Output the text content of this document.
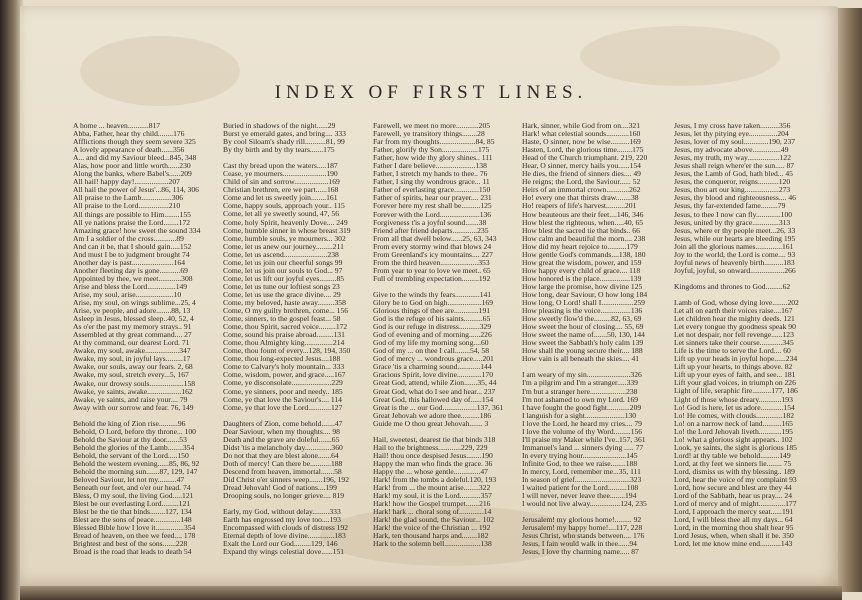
INDEX OF FIRST LINES.
A home ... heaven...........817
Abba, Father, hear thy child........176
Afflictions though they seem severe 325
A lovely appearance of death......356
A... and did my Saviour bleed...845, 348
Alas, how poor and little worth......230
Along the banks, where Babel's......209
All hail! happy day!..................207
All hail the power of Jesus'...86, 114, 306
All praise to the Lamb................306
All praise to the Lord................210
All things are possible to Him........155
All ye nations praise the Lord........172
Amazing grace! how sweet the sound 334
Am I a soldier of the cross............89
And can it be, that I should gain.....152
And must I be to judgment brought 74
Another day is past......................164
Another fleeting day is gone...........69
Appointed by thee, we meet............308
Arise and bless the Lord...............149
Arise, my soul, arise....................10
Arise, my soul, on wings sublime...25, 4
Arise, ye people, and adore........88, 13
Asleep in Jesus, blessed sleep..40, 52, 4
As o'er the past my memory strays.. 91
Assembled at thy great command.... 27
At thy command, our dearest Lord. 71
Awake, my soul, awake..................347
Awake, my soul, in joyful lays.........17
Awake, our souls, away our fears. 2, 68
Awake, my soul, stretch every...5, 167
Awake, our drowsy souls..................158
Awake, ye saints, awake..................162
Awake, ye saints, and raise your.... 79
Away with our sorrow and fear. 76, 149
Behold the king of Zion rise..........96
Behold, O Lord, before thy throne... 100
Behold the Saviour at thy door.......53
Behold the glories of the Lamb........354
Behold, the servant of the Lord.....150
Behold the western evening......85, 86, 92
Behold the morning sun.......87, 129, 147
Beloved Saviour, let not my..........47
Beneath our feet, and o'er our head. 74
Bless, O my soul, the living God.....121
Blest be our everlasting Lord.........121
Blest be the tie that binds........127, 134
Blest are the sons of peace..............148
Blessed Bible how I love it...............354
Bread of heaven, on thee we feed.... 178
Brightest and best of the sons.......228
Broad is the road that leads to death 54
Buried in shadows of the night......29
Burst ye emerald gates, and bring.... 333
By cool Siloam's shady rill...........81, 99
By thy birth and by thy tears.......175
Cast thy bread upon the waters.....187
Cease, ye mourners.......................190
Child of sin and sorrow..................169
Christian brethren, ere we part......168
Come and let us sweetly join........161
Come, happy souls, approach your.. 115
Come, let all ye sweetly sound, 47, 56
Come, holy Spirit, heavenly Dove.... 249
Come, humble sinner in whose breast 319
Come, humble souls, ye mourners... 302
Come, let us anew our journey.........211
Come, let us ascend.......................238
Come, let us join our cheerful songs 99
Come, let us join our souls to God... 97
Come, let us lift our joyful eyes.........85
Come, let us tune our loftiest songs 23
Come, let us use the grace divine.... 29
Come, my beloved, haste away.........358
Come, O my guilty brethren, come... 156
Come, sinners, to the gospel feast... 58
Come, thou Spirit, sacred voice.........172
Come, sound his praise abroad.........131
Come, thou Almighty king...............214
Come, thou fount of every...128, 194, 350
Come, thou long-expected Jesus....188
Come to Calvary's holy mountain... 333
Come, wisdom, power, and grace.....167
Come, ye disconsolate.....................229
Come, ye sinners, poor and needy.. 185
Come, ye that love the Saviour's.... 114
Come, ye that love the Lord............127
Daughters of Zion, come behold.......47
Dear Saviour, when my thoughts.... 98
Death and the grave are doleful.......65
Didst 'tis a melancholy day..............360
Do not that they are blest alone.......64
Doth of mercy! Can there be...........188
Descend from heaven, immortal.......58
Did Christ o'er sinners weep.......196, 192
Dread Jehovah! God of nations....199
Drooping souls, no longer grieve.... 819
Early, my God, without delay.........333
Earth has engrossed my love too....193
Encompassed with clouds of distress 192
Eternal depth of love divine..............183
Exalt the Lord our God.........129, 146
Expand thy wings celestial dove......151
Farewell, we meet no more............205
Farewell, ye transitory things........28
Far from my thoughts...................84, 85
Father, glorify thy Son...................175
Father, how wide thy glory shines.. 111
Father I dare believe.....................138
Father, I stretch my hands to thee.. 76
Father, I sing thy wondrous grace... 11
Father of everlasting grace.............150
Father of spirits, hear our prayer.... 231
Forever here my rest shall be..........125
Forever with the Lord.....................136
Forgiveness t'is a joyful sound.......38
Friend after friend departs.............235
From all that dwell below......25, 63, 343
From every stormy wind that blows 24
From Greenland's icy mountains.... 227
From the third heaven....................353
From year to year to love we meet.. 65
Full of trembling expectation.........192
Give to the winds thy fears.............141
Glory be to God on high..................169
Glorious things of thee are.............191
God is the refuge of his saints..........65
God is our refuge in distress...........329
God of evening and of morning......226
God of my life my morning song....60
God of my ... on thee I call........54, 58
God of mercy ... wondrous grace.....201
Grace 'tis a charming sound............144
Gracious Spirit, love divine.............170
Great God, attend, while Zion.......35, 44
Great God, what do I see and hear... 237
Great God, this hallowed day of......154
Great is the ... our God..................137, 361
Great Jehovah we adore thee..........186
Guide me O thou great Jehovah....... 3
Hail, sweetest, dearest tie that binds 318
Hail to the brightness............229, 229
Hail! thou once despised Jesus........190
Happy the man who finds the grace. 36
Happy the ... whose gentle..............47
Hark! from the tombs a doleful.120, 193
Hark! from ... the mount arise........322
Hark! my soul, it is the Lord...........357
Hark! how the Gospel trumpet.......216
Hark! hark ... choral song of.............14
Hark! the glad sound, the Saviour... 102
Hark! the voice of the Christian ... 192
Hark, ten thousand harps and........182
Hark to the solemn bell...................138
Hark, sinner, while God from on....321
Hark! what celestial sounds............160
Haste, O sinner, now be wise..........169
Hasten, Lord, the glorious time........175
Head of the Church triumphant. 219, 220
Hear, O sinner, mercy hails you......154
He dies, the friend of sinners dies.... 49
He reigns; the Lord, the Saviour...... 52
Heirs of an immortal crown............262
Ho! every one that thirsts draw........38
Ho! reapers of life's harvest..........201
How beauteous are their feet....146, 346
How blest the righteous, when.....40, 65
How blest the sacred tie that binds.. 66
How calm and beautiful the morn.... 238
How did my heart rejoice to..........179
How gentle God's commands....138, 180
How great the wisdom, power, and 159
How happy every child of grace.... 118
How honored is the place................139
How large the promise, how divine 125
How long, dear Saviour, O how long 184
How long, O Lord! shall I.................259
How pleasing is the voice................136
How sweetly flow'd the.........82, 63, 69
How sweet the hour of closing.... 55, 69
How sweet the name of.......50, 130, 144
How sweet the Sabbath's holy calm 139
How shall the young secure their.... 188
How vain is all beneath the skies.... 41
I am weary of my sin.......................326
I'm a pilgrim and I'm a stranger.....339
I'm but a stranger here...................238
I'm not ashamed to own my Lord. 169
I have fought the good fight............209
I languish for a sight.....................130
I love the Lord, he heard my cries.... 79
I love the volume of thy Word.........156
I'll praise my Maker while I've..157, 361
Immanuel's land ... sinners dying ..... 77
In every trying hour.......................145
Infinite God, to thee we raise........188
In mercy, Lord, remember me...35, 111
In season of grief.............................323
I waited patient for the Lord..........108
I will never, never leave thee........194
I would not live alway................124, 235
Jerusalem! my glorious home!......... 92
Jerusalem! my happy home!....117, 228
Jesus Christ, who stands between.... 176
Jesus, I fain would walk in thee......94
Jesus, I love thy charming name..... 87
Jesus, I my cross have taken..........356
Jesus, let thy pitying eye...............204
Jesus, lover of my soul.............190, 237
Jesus, my advocate above...............49
Jesus, my truth, my way.................122
Jesus shall reign where'er the sun..... 87
Jesus, the Lamb of God, hath bled... 45
Jesus, the conqueror, reigns...........120
Jesus, thou art our king..................273
Jesus, thy blood and righteousness.... 46
Jesus, thy far-extended fame.........79
Jesus, to thee I now can fly.............100
Jesus, united by thy grace..............313
Jesus, where er thy people meet...26, 33
Jesus, while our hearts are bleeding 195
Join all the glorious names..............161
Joy to the world, the Lord is come.... 93
Joyful news of heavenly birth..........183
Joyful, joyful, so onward..................266
Kingdoms and thrones to God.........62
Lamb of God, whose dying love........202
Let all on earth their voices raise....167
Let children hear the mighty deeds. 121
Let every tongue thy goodness speak 90
Let not despair, nor fell revenge......123
Let sinners take their course............345
Life is the time to serve the Lord.... 60
Lift up your heads in joyful hope......234
Lift up your hearts, to things above. 82
Lift up your eyes of faith, and see... 181
Lift your glad voices, in triumph on 226
Light of life, seraphic fire..........177, 186
Light of those whose dreary............193
Lo! God is here, let us adore............154
Lo! He comes, with clouds..............182
Lo! on a narrow neck of land..........165
Lo! the Lord Jehovah liveth............195
Lo! what a glorious sight appears.. 102
Look, ye saints, the sight is glorious 185
Lord! at thy table we behold..........149
Lord, at thy feet we sinners lie........ 75
Lord, dismiss us with thy blessing.. 189
Lord, hear the voice of my complaint 93
Lord, how secure and blest are they 44
Lord of the Sabbath, hear us pray.... 24
Lord of mercy and of might..............177
Lord, I approach the mercy seat......191
Lord, I will bless thee all my days... 64
Lord, in the morning thou shalt hear 95
Lord Jesus, when, when shall it be. 350
Lord, let me know mine end...........143
